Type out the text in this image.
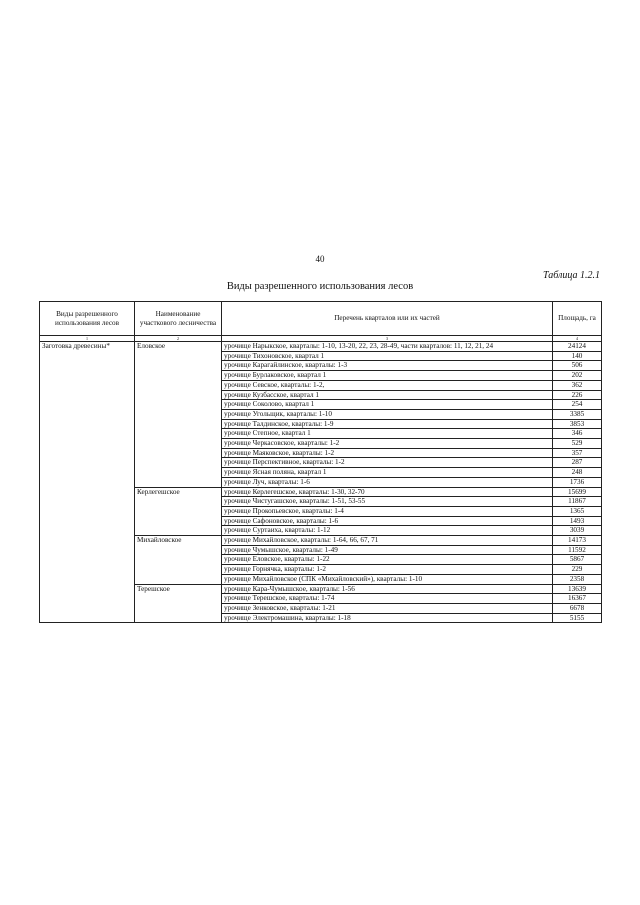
40
Таблица 1.2.1
Виды разрешенного использования лесов
Виды разрешенного использования лесов	Наименование участкового лесничества	Перечень кварталов или их частей	Площадь, га
1	2	3	4
Заготовка древесины*	Еловское	урочище Нарыкское, кварталы: 1-10, 13-20, 22, 23, 28-49, части кварталов: 11, 12, 21, 24	24124
		урочище Тихоновское, квартал 1	140
		урочище Карагайлинское, кварталы: 1-3	506
		урочище Бурлаковское, квартал 1	202
		урочище Севское, кварталы: 1-2,	362
		урочище Кузбасское, квартал 1	226
		урочище Соколово, квартал 1	254
		урочище Угольщик, кварталы: 1-10	3385
		урочище Талдинское, кварталы: 1-9	3853
		урочище Степное, квартал 1	346
		урочище Черкасовское, кварталы: 1-2	529
		урочище Маяковское, кварталы: 1-2	357
		урочище Перспективное, кварталы: 1-2	287
		урочище Ясная поляна, квартал 1	248
		урочище Луч, кварталы: 1-6	1736
	Керлегешское	урочище Керлегешское, кварталы: 1-30, 32-70	15699
		урочище Чистугашское, кварталы: 1-51, 53-55	11867
		урочище Прокопьевское, кварталы: 1-4	1365
		урочище Сафоновское, кварталы: 1-6	1493
		урочище Суртаиха, кварталы: 1-12	3039
	Михайловское	урочище Михайловское, кварталы: 1-64, 66, 67, 71	14173
		урочище Чумышское, кварталы: 1-49	11592
		урочище Еловское, кварталы: 1-22	5867
		урочище Горнячка, кварталы: 1-2	229
		урочище Михайловское (СПК «Михайловский»), кварталы: 1-10	2358
	Терешское	урочище Кара-Чумышское, кварталы: 1-56	13639
		урочище Терешское, кварталы: 1-74	16367
		урочище Зенковское, кварталы: 1-21	6678
		урочище Электромашина, кварталы: 1-18	5155
